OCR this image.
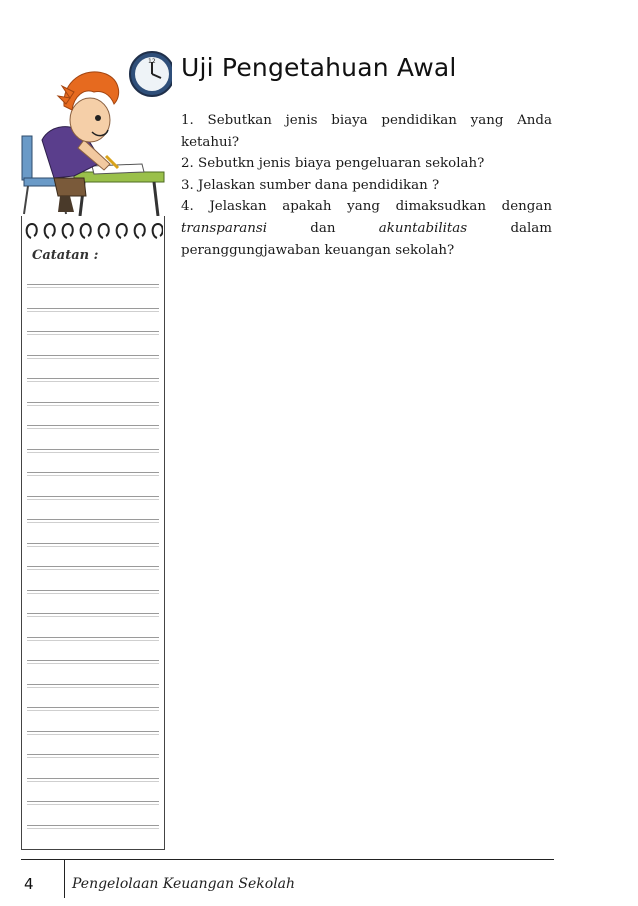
12
Catatan :
Uji Pengetahuan Awal

1. Sebutkan jenis biaya pendidikan yang Anda ketahui?

2. Sebutkn jenis biaya pengeluaran sekolah?

3. Jelaskan sumber dana pendidikan ?

4. Jelaskan apakah yang dimaksudkan dengan transparansi dan akuntabilitas dalam peranggungjawaban keuangan sekolah?

4	Pengelolaan Keuangan Sekolah
